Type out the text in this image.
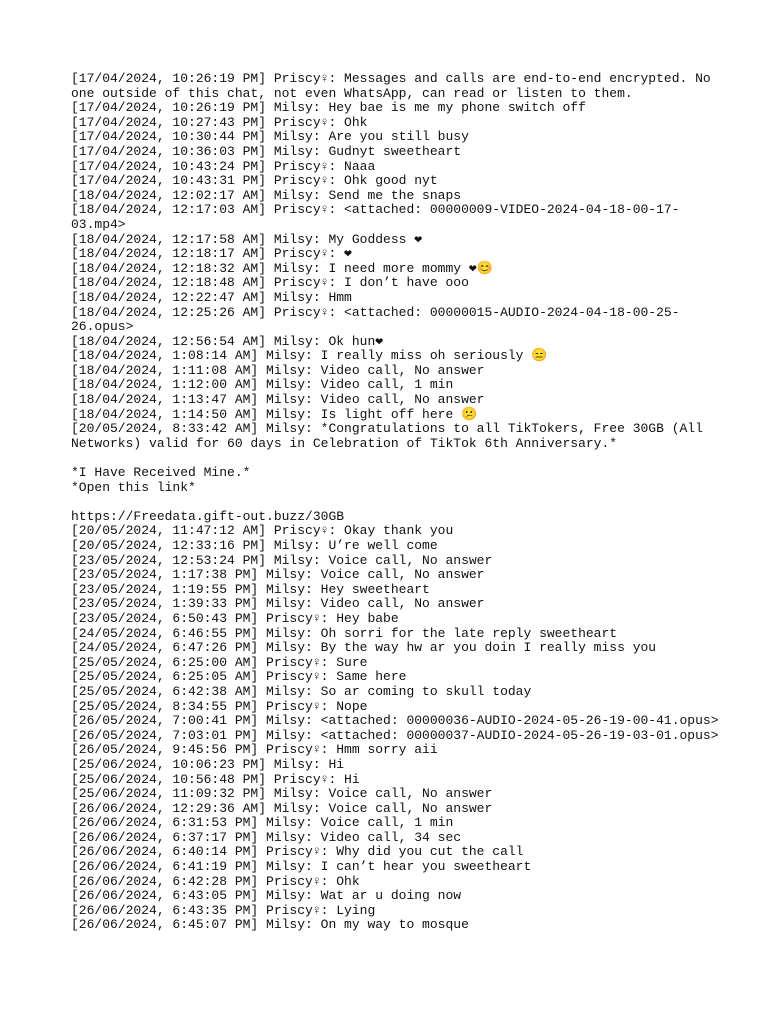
[17/04/2024, 10:26:19 PM] Priscy♀: Messages and calls are end-to-end encrypted. No
one outside of this chat, not even WhatsApp, can read or listen to them.
[17/04/2024, 10:26:19 PM] Milsy: Hey bae is me my phone switch off
[17/04/2024, 10:27:43 PM] Priscy♀: Ohk
[17/04/2024, 10:30:44 PM] Milsy: Are you still busy
[17/04/2024, 10:36:03 PM] Milsy: Gudnyt sweetheart
[17/04/2024, 10:43:24 PM] Priscy♀: Naaa
[17/04/2024, 10:43:31 PM] Priscy♀: Ohk good nyt
[18/04/2024, 12:02:17 AM] Milsy: Send me the snaps
[18/04/2024, 12:17:03 AM] Priscy♀: <attached: 00000009-VIDEO-2024-04-18-00-17-
03.mp4>
[18/04/2024, 12:17:58 AM] Milsy: My Goddess ❤
[18/04/2024, 12:18:17 AM] Priscy♀: ❤
[18/04/2024, 12:18:32 AM] Milsy: I need more mommy ❤😊
[18/04/2024, 12:18:48 AM] Priscy♀: I don’t have ooo
[18/04/2024, 12:22:47 AM] Milsy: Hmm
[18/04/2024, 12:25:26 AM] Priscy♀: <attached: 00000015-AUDIO-2024-04-18-00-25-
26.opus>
[18/04/2024, 12:56:54 AM] Milsy: Ok hun❤
[18/04/2024, 1:08:14 AM] Milsy: I really miss oh seriously 😑
[18/04/2024, 1:11:08 AM] Milsy: Video call, No answer
[18/04/2024, 1:12:00 AM] Milsy: Video call, 1 min
[18/04/2024, 1:13:47 AM] Milsy: Video call, No answer
[18/04/2024, 1:14:50 AM] Milsy: Is light off here 😕
[20/05/2024, 8:33:42 AM] Milsy: *Congratulations to all TikTokers, Free 30GB (All
Networks) valid for 60 days in Celebration of TikTok 6th Anniversary.*
*I Have Received Mine.*
*Open this link*
https://Freedata.gift-out.buzz/30GB
[20/05/2024, 11:47:12 AM] Priscy♀: Okay thank you
[20/05/2024, 12:33:16 PM] Milsy: U’re well come
[23/05/2024, 12:53:24 PM] Milsy: Voice call, No answer
[23/05/2024, 1:17:38 PM] Milsy: Voice call, No answer
[23/05/2024, 1:19:55 PM] Milsy: Hey sweetheart
[23/05/2024, 1:39:33 PM] Milsy: Video call, No answer
[23/05/2024, 6:50:43 PM] Priscy♀: Hey babe
[24/05/2024, 6:46:55 PM] Milsy: Oh sorri for the late reply sweetheart
[24/05/2024, 6:47:26 PM] Milsy: By the way hw ar you doin I really miss you
[25/05/2024, 6:25:00 AM] Priscy♀: Sure
[25/05/2024, 6:25:05 AM] Priscy♀: Same here
[25/05/2024, 6:42:38 AM] Milsy: So ar coming to skull today
[25/05/2024, 8:34:55 PM] Priscy♀: Nope
[26/05/2024, 7:00:41 PM] Milsy: <attached: 00000036-AUDIO-2024-05-26-19-00-41.opus>
[26/05/2024, 7:03:01 PM] Milsy: <attached: 00000037-AUDIO-2024-05-26-19-03-01.opus>
[26/05/2024, 9:45:56 PM] Priscy♀: Hmm sorry aii
[25/06/2024, 10:06:23 PM] Milsy: Hi
[25/06/2024, 10:56:48 PM] Priscy♀: Hi
[25/06/2024, 11:09:32 PM] Milsy: Voice call, No answer
[26/06/2024, 12:29:36 AM] Milsy: Voice call, No answer
[26/06/2024, 6:31:53 PM] Milsy: Voice call, 1 min
[26/06/2024, 6:37:17 PM] Milsy: Video call, 34 sec
[26/06/2024, 6:40:14 PM] Priscy♀: Why did you cut the call
[26/06/2024, 6:41:19 PM] Milsy: I can’t hear you sweetheart
[26/06/2024, 6:42:28 PM] Priscy♀: Ohk
[26/06/2024, 6:43:05 PM] Milsy: Wat ar u doing now
[26/06/2024, 6:43:35 PM] Priscy♀: Lying
[26/06/2024, 6:45:07 PM] Milsy: On my way to mosque
